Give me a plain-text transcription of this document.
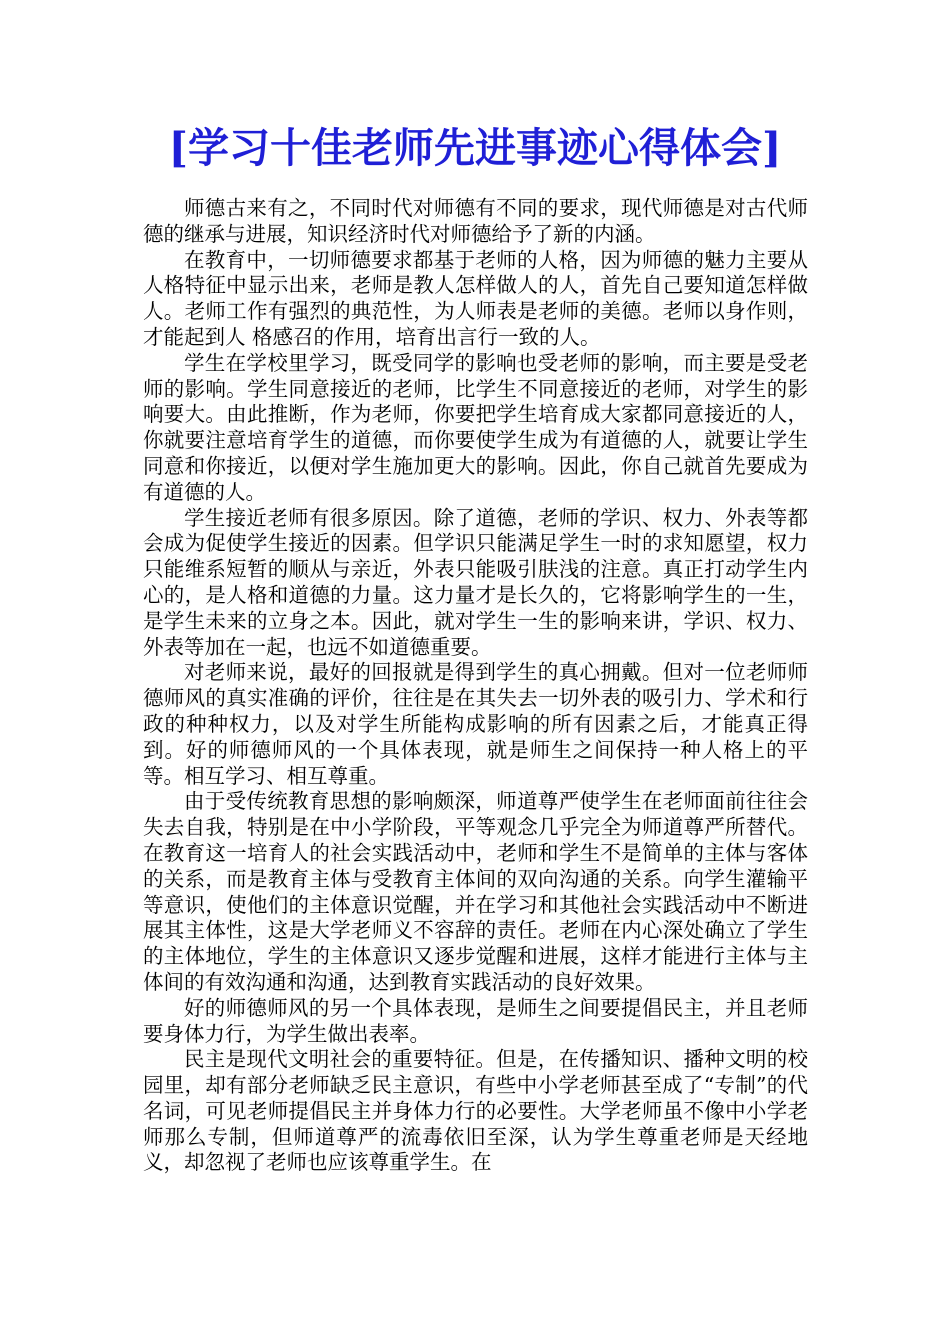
[学习十佳老师先进事迹心得体会]

师德古来有之，不同时代对师德有不同的要求，现代师德是对古代师德的继承与进展，知识经济时代对师德给予了新的内涵。

在教育中，一切师德要求都基于老师的人格，因为师德的魅力主要从人格特征中显示出来，老师是教人怎样做人的人，首先自己要知道怎样做人。老师工作有强烈的典范性，为人师表是老师的美德。老师以身作则，才能起到人 格感召的作用，培育出言行一致的人。

学生在学校里学习，既受同学的影响也受老师的影响，而主要是受老师的影响。学生同意接近的老师，比学生不同意接近的老师，对学生的影响要大。由此推断，作为老师，你要把学生培育成大家都同意接近的人，你就要注意培育学生的道德，而你要使学生成为有道德的人，就要让学生同意和你接近，以便对学生施加更大的影响。因此，你自己就首先要成为有道德的人。

学生接近老师有很多原因。除了道德，老师的学识、权力、外表等都会成为促使学生接近的因素。但学识只能满足学生一时的求知愿望，权力只能维系短暂的顺从与亲近，外表只能吸引肤浅的注意。真正打动学生内心的，是人格和道德的力量。这力量才是长久的，它将影响学生的一生，是学生未来的立身之本。因此，就对学生一生的影响来讲，学识、权力、外表等加在一起，也远不如道德重要。

对老师来说，最好的回报就是得到学生的真心拥戴。但对一位老师师德师风的真实准确的评价，往往是在其失去一切外表的吸引力、学术和行政的种种权力，以及对学生所能构成影响的所有因素之后，才能真正得到。好的师德师风的一个具体表现，就是师生之间保持一种人格上的平等。相互学习、相互尊重。

由于受传统教育思想的影响颇深，师道尊严使学生在老师面前往往会失去自我，特别是在中小学阶段，平等观念几乎完全为师道尊严所替代。在教育这一培育人的社会实践活动中，老师和学生不是简单的主体与客体的关系，而是教育主体与受教育主体间的双向沟通的关系。向学生灌输平等意识，使他们的主体意识觉醒，并在学习和其他社会实践活动中不断进展其主体性，这是大学老师义不容辞的责任。老师在内心深处确立了学生的主体地位，学生的主体意识又逐步觉醒和进展，这样才能进行主体与主体间的有效沟通和沟通，达到教育实践活动的良好效果。

好的师德师风的另一个具体表现，是师生之间要提倡民主，并且老师要身体力行，为学生做出表率。

民主是现代文明社会的重要特征。但是，在传播知识、播种文明的校园里，却有部分老师缺乏民主意识，有些中小学老师甚至成了“专制”的代名词，可见老师提倡民主并身体力行的必要性。大学老师虽不像中小学老师那么专制，但师道尊严的流毒依旧至深，认为学生尊重老师是天经地义，却忽视了老师也应该尊重学生。在
